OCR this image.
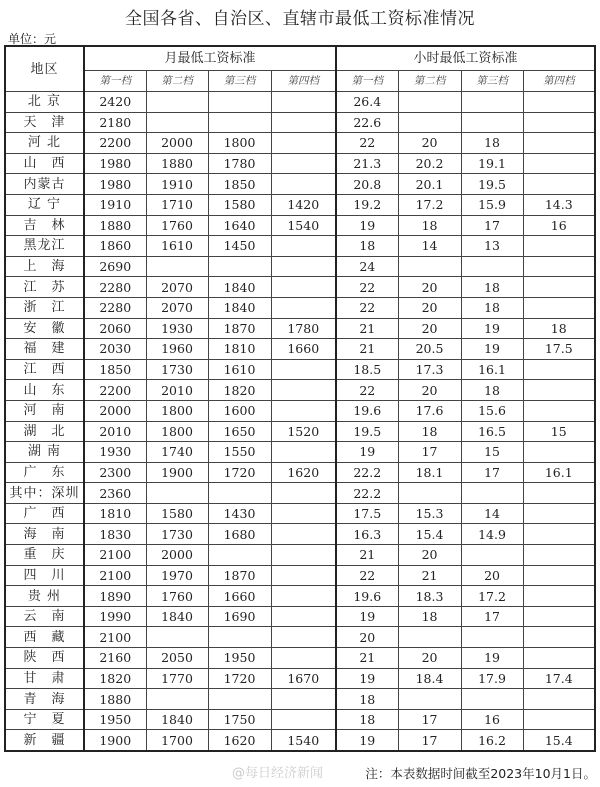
全国各省、自治区、直辖市最低工资标准情况
单位：元
地区	月最低工资标准				小时最低工资标准			
	第一档	第二档	第三档	第四档	第一档	第二档	第三档	第四档
北 京	2420				26.4			
天　津	2180				22.6			
河 北	2200	2000	1800		22	20	18	
山　西	1980	1880	1780		21.3	20.2	19.1	
内蒙古	1980	1910	1850		20.8	20.1	19.5	
辽 宁	1910	1710	1580	1420	19.2	17.2	15.9	14.3
吉　林	1880	1760	1640	1540	19	18	17	16
黑龙江	1860	1610	1450		18	14	13	
上　海	2690				24			
江　苏	2280	2070	1840		22	20	18	
浙　江	2280	2070	1840		22	20	18	
安　徽	2060	1930	1870	1780	21	20	19	18
福　建	2030	1960	1810	1660	21	20.5	19	17.5
江　西	1850	1730	1610		18.5	17.3	16.1	
山　东	2200	2010	1820		22	20	18	
河　南	2000	1800	1600		19.6	17.6	15.6	
湖　北	2010	1800	1650	1520	19.5	18	16.5	15
湖 南	1930	1740	1550		19	17	15	
广　东	2300	1900	1720	1620	22.2	18.1	17	16.1
其中：深圳	2360				22.2			
广　西	1810	1580	1430		17.5	15.3	14	
海　南	1830	1730	1680		16.3	15.4	14.9	
重　庆	2100	2000			21	20		
四　川	2100	1970	1870		22	21	20	
贵 州	1890	1760	1660		19.6	18.3	17.2	
云　南	1990	1840	1690		19	18	17	
西　藏	2100				20			
陕　西	2160	2050	1950		21	20	19	
甘　肃	1820	1770	1720	1670	19	18.4	17.9	17.4
青　海	1880				18			
宁　夏	1950	1840	1750		18	17	16	
新　疆	1900	1700	1620	1540	19	17	16.2	15.4
@每日经济新闻	注：本表数据时间截至2023年10月1日。
